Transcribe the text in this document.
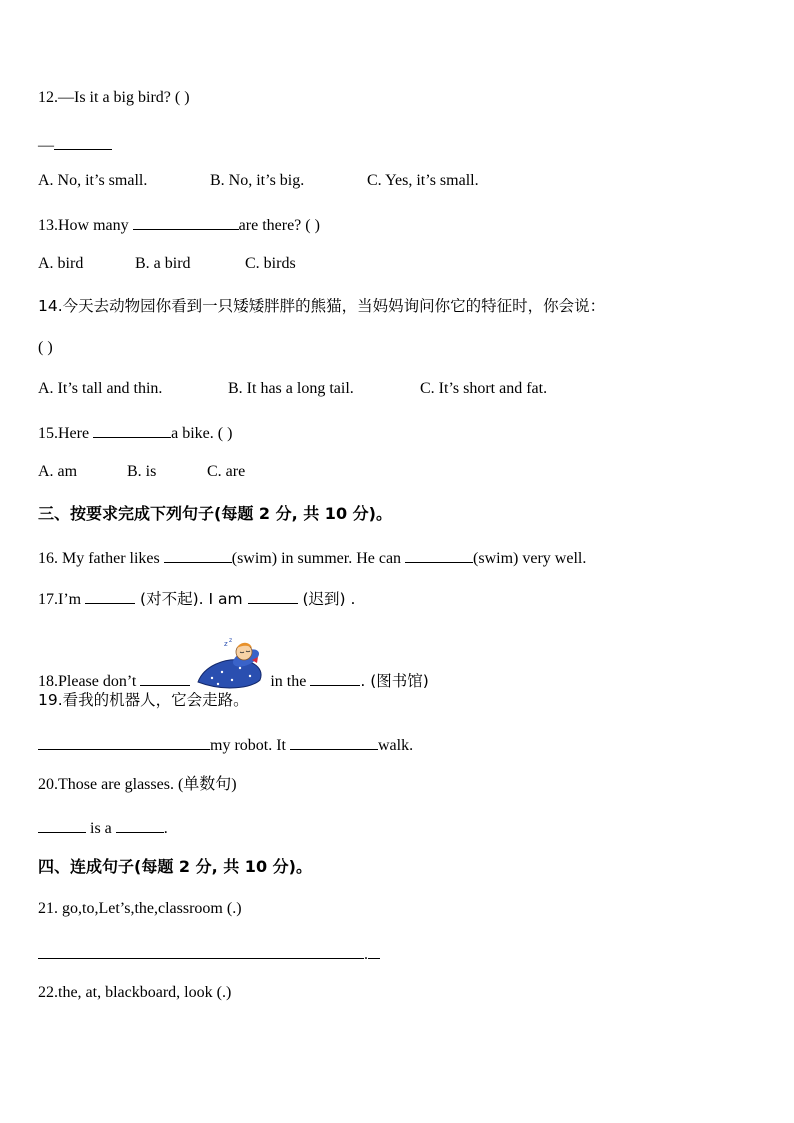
12.—Is it a big bird? ( )
—
A. No, it’s small.	B. No, it’s big.	C. Yes, it’s small.
13.How many	are there? ( )
A. bird	B. a bird	C. birds
14.今天去动物园你看到一只矮矮胖胖的熊猫，当妈妈询问你它的特征时，你会说：
( )
A. It’s tall and thin.	B. It has a long tail.	C. It’s short and fat.
15.Here	a bike. ( )
A. am	B. is	C. are
三、按要求完成下列句子(每题 2 分, 共 10 分)。
16. My father likes	(swim) in summer. He can	(swim) very well.
17.I’m	(对不起). I am	(迟到) .
18.Please don’t
z z
in the	. (图书馆)
19.看我的机器人，它会走路。
my robot. It	walk.
20.Those are glasses. (单数句)
is a	.
四、连成句子(每题 2 分, 共 10 分)。
21. go,to,Let’s,the,classroom (.)
.
22.the, at, blackboard, look (.)
